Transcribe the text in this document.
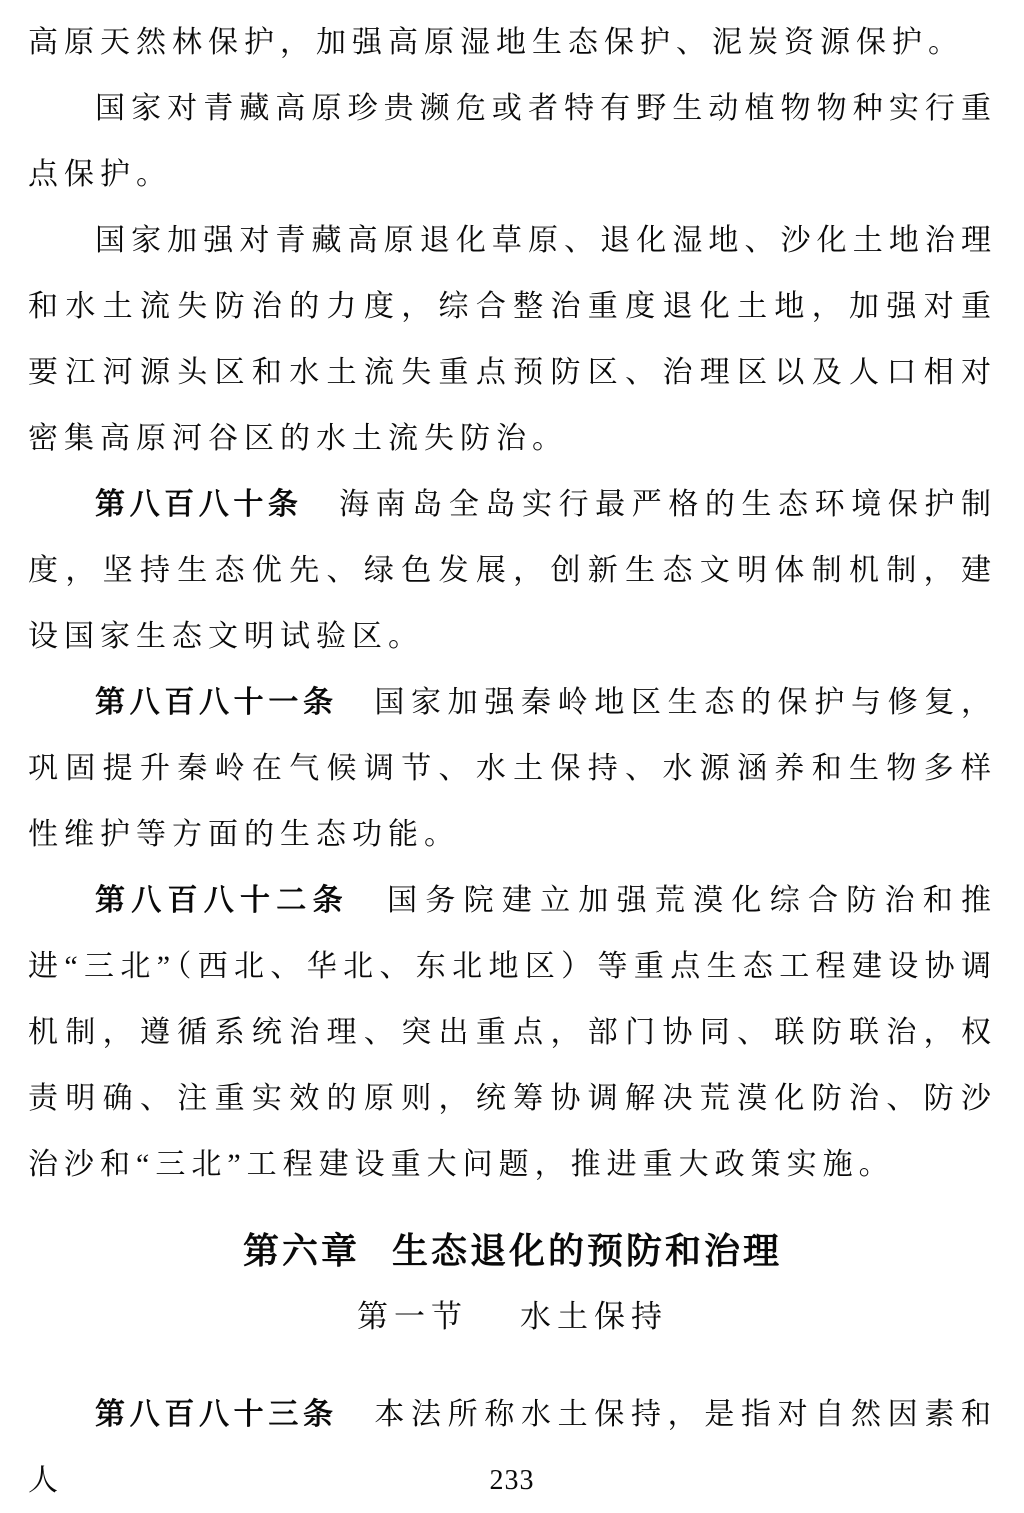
高原天然林保护，加强高原湿地生态保护、泥炭资源保护。

国家对青藏高原珍贵濒危或者特有野生动植物物种实行重点保护。

国家加强对青藏高原退化草原、退化湿地、沙化土地治理和水土流失防治的力度，综合整治重度退化土地，加强对重要江河源头区和水土流失重点预防区、治理区以及人口相对密集高原河谷区的水土流失防治。

第八百八十条 海南岛全岛实行最严格的生态环境保护制度，坚持生态优先、绿色发展，创新生态文明体制机制，建设国家生态文明试验区。

第八百八十一条 国家加强秦岭地区生态的保护与修复，巩固提升秦岭在气候调节、水土保持、水源涵养和生物多样性维护等方面的生态功能。

第八百八十二条 国务院建立加强荒漠化综合防治和推进“三北”（西北、华北、东北地区）等重点生态工程建设协调机制，遵循系统治理、突出重点，部门协同、联防联治，权责明确、注重实效的原则，统筹协调解决荒漠化防治、防沙治沙和“三北”工程建设重大问题，推进重大政策实施。

第六章 生态退化的预防和治理
第一节 水土保持

第八百八十三条 本法所称水土保持，是指对自然因素和人	233
